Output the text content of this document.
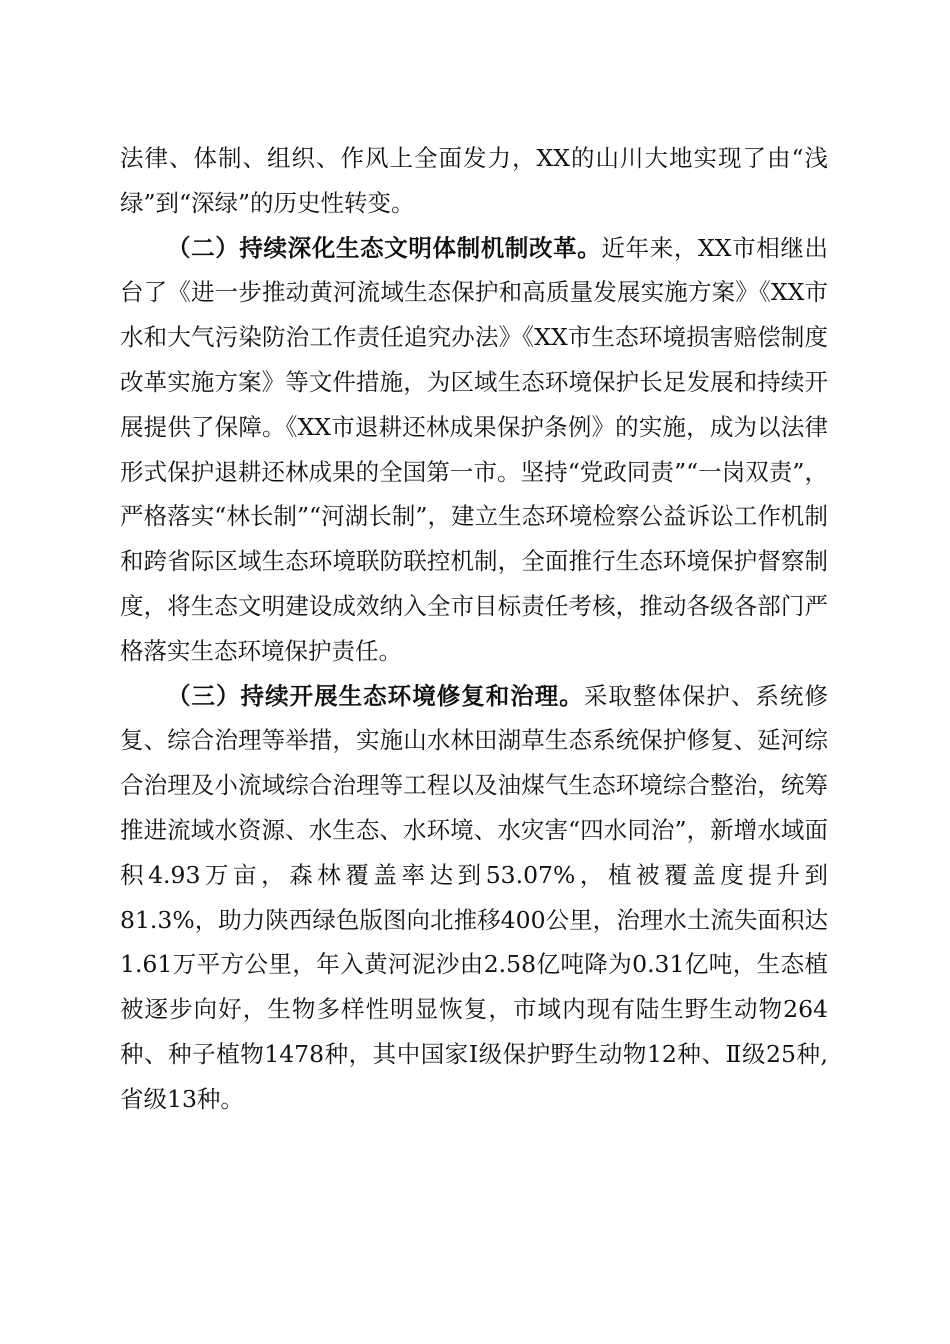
法律、体制、组织、作风上全面发力，XX的山川大地实现了由“浅绿”到“深绿”的历史性转变。

（二）持续深化生态文明体制机制改革。近年来，XX市相继出台了《进一步推动黄河流域生态保护和高质量发展实施方案》《XX市水和大气污染防治工作责任追究办法》《XX市生态环境损害赔偿制度改革实施方案》等文件措施，为区域生态环境保护长足发展和持续开展提供了保障。《XX市退耕还林成果保护条例》的实施，成为以法律形式保护退耕还林成果的全国第一市。坚持“党政同责”“一岗双责”，严格落实“林长制”“河湖长制”，建立生态环境检察公益诉讼工作机制和跨省际区域生态环境联防联控机制，全面推行生态环境保护督察制度，将生态文明建设成效纳入全市目标责任考核，推动各级各部门严格落实生态环境保护责任。

（三）持续开展生态环境修复和治理。采取整体保护、系统修复、综合治理等举措，实施山水林田湖草生态系统保护修复、延河综合治理及小流域综合治理等工程以及油煤气生态环境综合整治，统筹推进流域水资源、水生态、水环境、水灾害“四水同治”，新增水域面积4.93万亩，森林覆盖率达到53.07%，植被覆盖度提升到81.3%，助力陕西绿色版图向北推移400公里，治理水土流失面积达1.61万平方公里，年入黄河泥沙由2.58亿吨降为0.31亿吨，生态植被逐步向好，生物多样性明显恢复，市域内现有陆生野生动物264种、种子植物1478种，其中国家Ⅰ级保护野生动物12种、Ⅱ级25种,省级13种。
